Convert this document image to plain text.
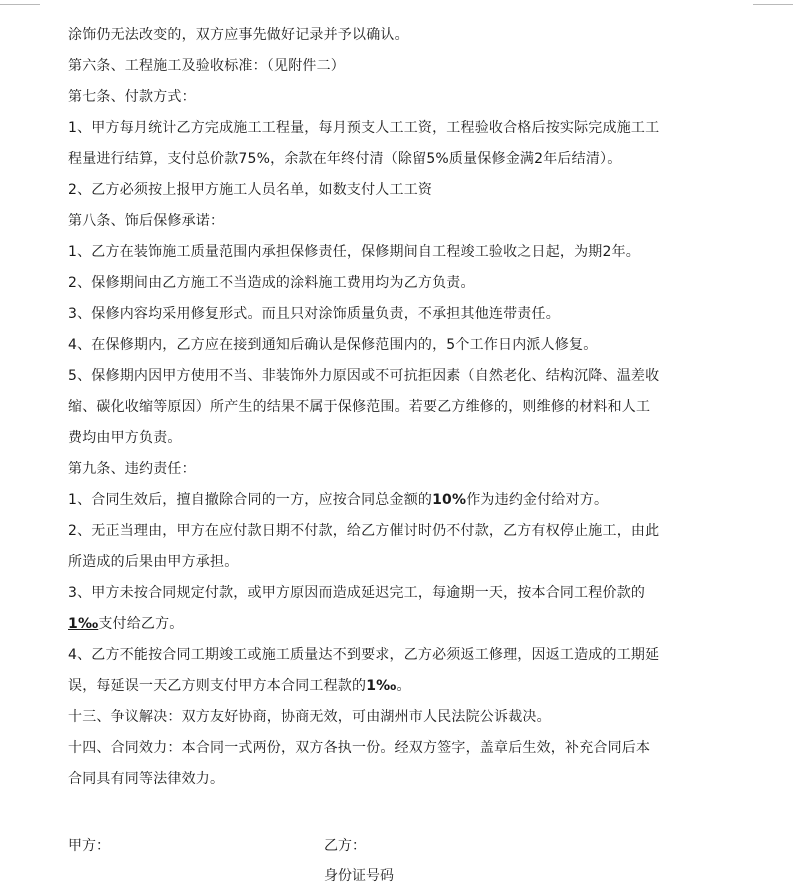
涂饰仍无法改变的，双方应事先做好记录并予以确认。
第六条、工程施工及验收标准：（见附件二）
第七条、付款方式：
1、甲方每月统计乙方完成施工工程量，每月预支人工工资，工程验收合格后按实际完成施工工
程量进行结算，支付总价款75%，余款在年终付清（除留5%质量保修金满2年后结清）。
2、乙方必须按上报甲方施工人员名单，如数支付人工工资
第八条、饰后保修承诺：
1、乙方在装饰施工质量范围内承担保修责任，保修期间自工程竣工验收之日起，为期2年。
2、保修期间由乙方施工不当造成的涂料施工费用均为乙方负责。
3、保修内容均采用修复形式。而且只对涂饰质量负责，不承担其他连带责任。
4、在保修期内，乙方应在接到通知后确认是保修范围内的，5个工作日内派人修复。
5、保修期内因甲方使用不当、非装饰外力原因或不可抗拒因素（自然老化、结构沉降、温差收
缩、碳化收缩等原因）所产生的结果不属于保修范围。若要乙方维修的，则维修的材料和人工
费均由甲方负责。
第九条、违约责任：
1、合同生效后，擅自撤除合同的一方，应按合同总金额的10%作为违约金付给对方。
2、无正当理由，甲方在应付款日期不付款，给乙方催讨时仍不付款，乙方有权停止施工，由此
所造成的后果由甲方承担。
3、甲方未按合同规定付款，或甲方原因而造成延迟完工，每逾期一天，按本合同工程价款的
1‰支付给乙方。
4、乙方不能按合同工期竣工或施工质量达不到要求，乙方必须返工修理，因返工造成的工期延
误，每延误一天乙方则支付甲方本合同工程款的1‰。
十三、争议解决：双方友好协商，协商无效，可由湖州市人民法院公诉裁决。
十四、合同效力：本合同一式两份，双方各执一份。经双方签字，盖章后生效，补充合同后本
合同具有同等法律效力。
甲方：	乙方：
身份证号码
